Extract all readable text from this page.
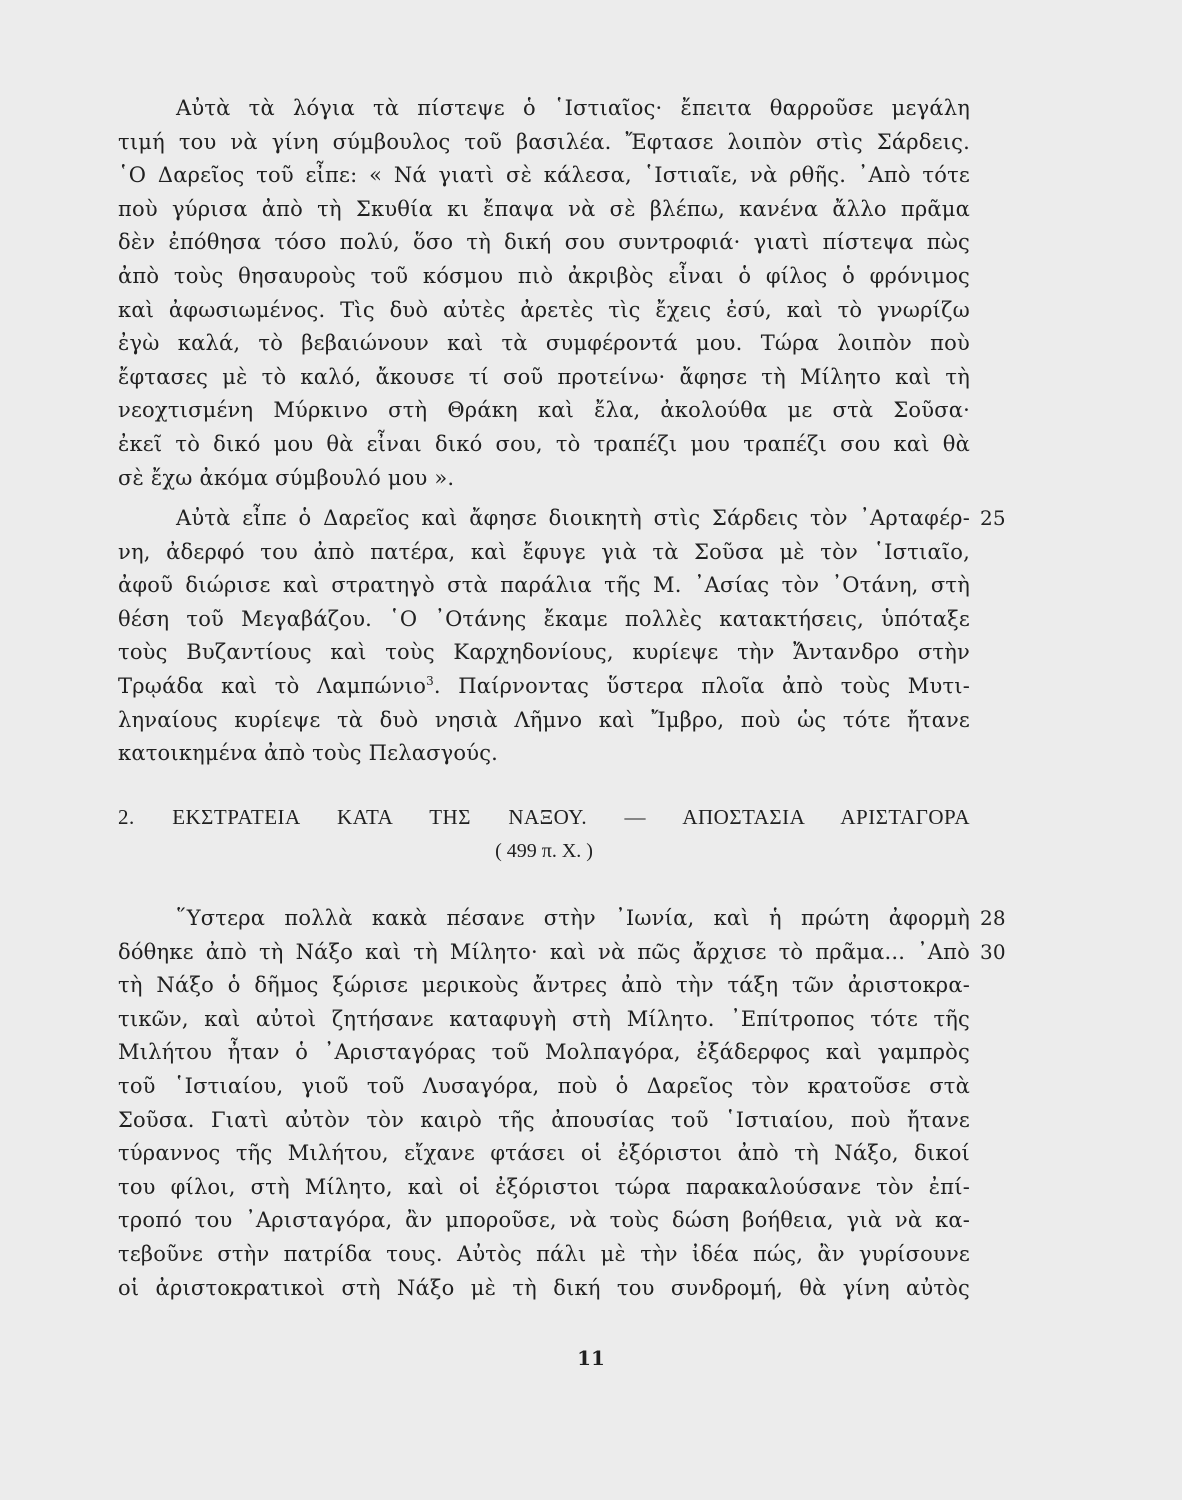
Αὐτὰ τὰ λόγια τὰ πίστεψε ὁ ῾Ιστιαῖος· ἔπειτα θαρροῦσε μεγάλη
τιμή του νὰ γίνη σύμβουλος τοῦ βασιλέα. Ἔφτασε λοιπὸν στὶς Σάρδεις.
῾Ο Δαρεῖος τοῦ εἶπε: « Νά γιατὶ σὲ κάλεσα, ῾Ιστιαῖε, νὰ ρθῆς. ᾿Απὸ τότε
ποὺ γύρισα ἀπὸ τὴ Σκυθία κι ἔπαψα νὰ σὲ βλέπω, κανένα ἄλλο πρᾶμα
δὲν ἐπόθησα τόσο πολύ, ὅσο τὴ δική σου συντροφιά· γιατὶ πίστεψα πὼς
ἀπὸ τοὺς θησαυροὺς τοῦ κόσμου πιὸ ἀκριβὸς εἶναι ὁ φίλος ὁ φρόνιμος
καὶ ἀφωσιωμένος. Τὶς δυὸ αὐτὲς ἀρετὲς τὶς ἔχεις ἐσύ, καὶ τὸ γνωρίζω
ἐγὼ καλά, τὸ βεβαιώνουν καὶ τὰ συμφέροντά μου. Τώρα λοιπὸν ποὺ
ἔφτασες μὲ τὸ καλό, ἄκουσε τί σοῦ προτείνω· ἄφησε τὴ Μίλητο καὶ τὴ
νεοχτισμένη Μύρκινο στὴ Θράκη καὶ ἔλα, ἀκολούθα με στὰ Σοῦσα·
ἐκεῖ τὸ δικό μου θὰ εἶναι δικό σου, τὸ τραπέζι μου τραπέζι σου καὶ θὰ
σὲ ἔχω ἀκόμα σύμβουλό μου ».
Αὐτὰ εἶπε ὁ Δαρεῖος καὶ ἄφησε διοικητὴ στὶς Σάρδεις τὸν ᾿Αρταφέρ- 25
νη, ἀδερφό του ἀπὸ πατέρα, καὶ ἔφυγε γιὰ τὰ Σοῦσα μὲ τὸν ῾Ιστιαῖο,
ἀφοῦ διώρισε καὶ στρατηγὸ στὰ παράλια τῆς Μ. ᾿Ασίας τὸν ᾿Οτάνη, στὴ
θέση τοῦ Μεγαβάζου. ῾Ο ᾿Οτάνης ἔκαμε πολλὲς κατακτήσεις, ὑπόταξε
τοὺς Βυζαντίους καὶ τοὺς Καρχηδονίους, κυρίεψε τὴν Ἄντανδρο στὴν
Τρῳάδα καὶ τὸ Λαμπώνιο$^3$. Παίρνοντας ὕστερα πλοῖα ἀπὸ τοὺς Μυτι-
ληναίους κυρίεψε τὰ δυὸ νησιὰ Λῆμνο καὶ Ἴμβρο, ποὺ ὡς τότε ἤτανε
κατοικημένα ἀπὸ τοὺς Πελασγούς.
2. ΕΚΣΤΡΑΤΕΙΑ ΚΑΤΑ ΤΗΣ ΝΑΞΟΥ. — ΑΠΟΣΤΑΣΙΑ ΑΡΙΣΤΑΓΟΡΑ
( 499 π. Χ. )
῞Υστερα πολλὰ κακὰ πέσανε στὴν ᾿Ιωνία, καὶ ἡ πρώτη ἀφορμὴ 28
δόθηκε ἀπὸ τὴ Νάξο καὶ τὴ Μίλητο· καὶ νὰ πῶς ἄρχισε τὸ πρᾶμα... ᾿Απὸ 30
τὴ Νάξο ὁ δῆμος ξώρισε μερικοὺς ἄντρες ἀπὸ τὴν τάξη τῶν ἀριστοκρα-
τικῶν, καὶ αὐτοὶ ζητήσανε καταφυγὴ στὴ Μίλητο. ᾿Επίτροπος τότε τῆς
Μιλήτου ἦταν ὁ ᾿Αρισταγόρας τοῦ Μολπαγόρα, ἐξάδερφος καὶ γαμπρὸς
τοῦ ῾Ιστιαίου, γιοῦ τοῦ Λυσαγόρα, ποὺ ὁ Δαρεῖος τὸν κρατοῦσε στὰ
Σοῦσα. Γιατὶ αὐτὸν τὸν καιρὸ τῆς ἀπουσίας τοῦ ῾Ιστιαίου, ποὺ ἤτανε
τύραννος τῆς Μιλήτου, εἴχανε φτάσει οἱ ἐξόριστοι ἀπὸ τὴ Νάξο, δικοί
του φίλοι, στὴ Μίλητο, καὶ οἱ ἐξόριστοι τώρα παρακαλούσανε τὸν ἐπί-
τροπό του ᾿Αρισταγόρα, ἂν μποροῦσε, νὰ τοὺς δώση βοήθεια, γιὰ νὰ κα-
τεβοῦνε στὴν πατρίδα τους. Αὐτὸς πάλι μὲ τὴν ἰδέα πώς, ἂν γυρίσουνε
οἱ ἀριστοκρατικοὶ στὴ Νάξο μὲ τὴ δική του συνδρομή, θὰ γίνη αὐτὸς
11
